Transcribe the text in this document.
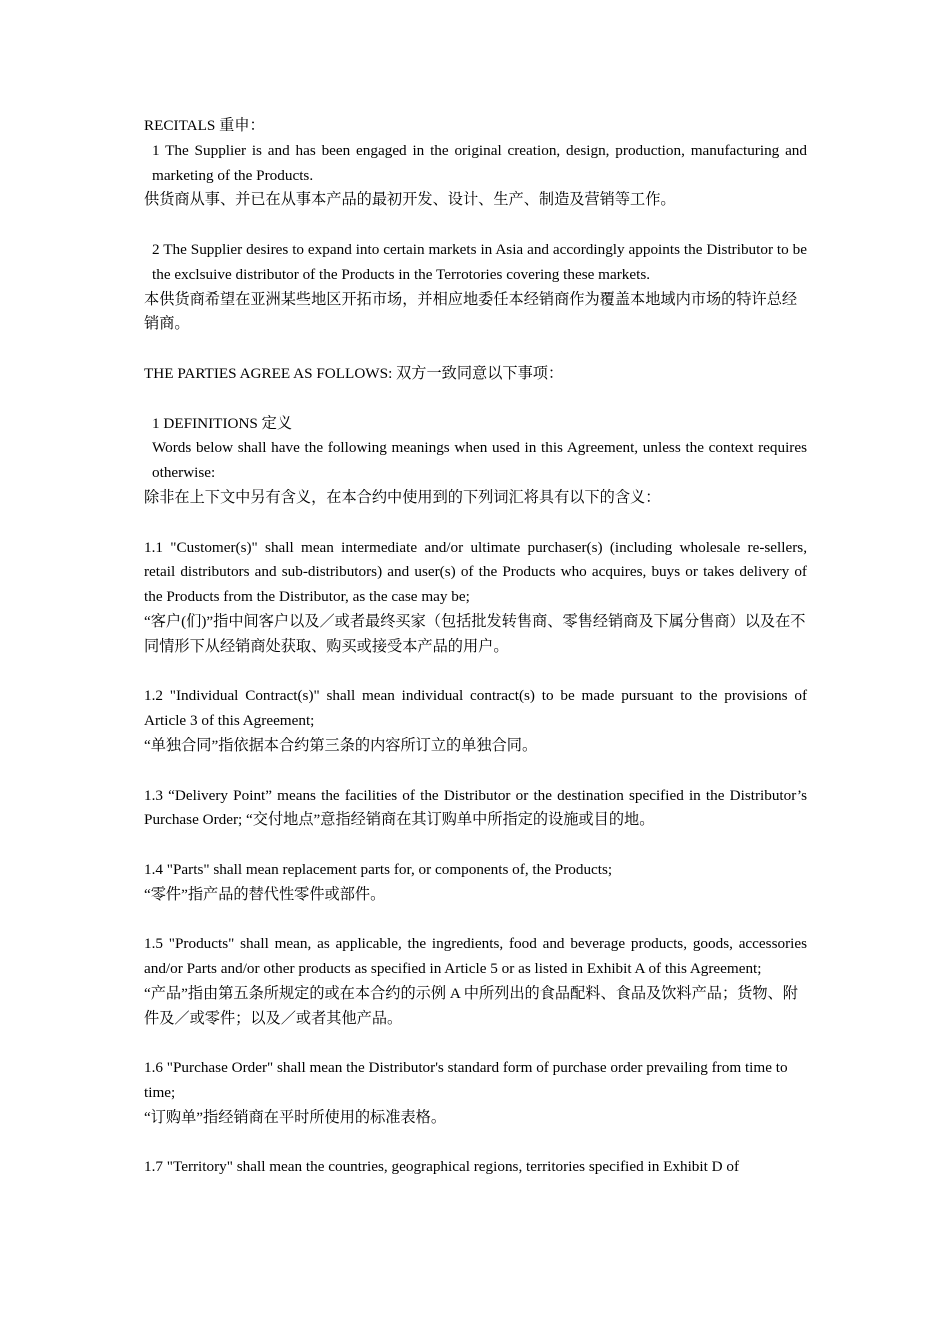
RECITALS 重申：

1 The Supplier is and has been engaged in the original creation, design, production, manufacturing and marketing of the Products.

供货商从事、并已在从事本产品的最初开发、设计、生产、制造及营销等工作。

2 The Supplier desires to expand into certain markets in Asia and accordingly appoints the Distributor to be the exclsuive distributor of the Products in the Terrotories covering these markets.

本供货商希望在亚洲某些地区开拓市场，并相应地委任本经销商作为覆盖本地域内市场的特许总经销商。

THE PARTIES AGREE AS FOLLOWS: 双方一致同意以下事项：

1 DEFINITIONS 定义

Words below shall have the following meanings when used in this Agreement, unless the context requires otherwise:

除非在上下文中另有含义，在本合约中使用到的下列词汇将具有以下的含义：

1.1 "Customer(s)" shall mean intermediate and/or ultimate purchaser(s) (including wholesale re-sellers, retail distributors and sub-distributors) and user(s) of the Products who acquires, buys or takes delivery of the Products from the Distributor, as the case may be;

“客户(们)”指中间客户以及／或者最终买家（包括批发转售商、零售经销商及下属分售商）以及在不同情形下从经销商处获取、购买或接受本产品的用户。

1.2 "Individual Contract(s)" shall mean individual contract(s) to be made pursuant to the provisions of Article 3 of this Agreement;

“单独合同”指依据本合约第三条的内容所订立的单独合同。

1.3 “Delivery Point” means the facilities of the Distributor or the destination specified in the Distributor’s Purchase Order; “交付地点”意指经销商在其订购单中所指定的设施或目的地。

1.4 "Parts" shall mean replacement parts for, or components of, the Products;

“零件”指产品的替代性零件或部件。

1.5 "Products" shall mean, as applicable, the ingredients, food and beverage products, goods, accessories and/or Parts and/or other products as specified in Article 5 or as listed in Exhibit A of this Agreement;

“产品”指由第五条所规定的或在本合约的示例 A 中所列出的食品配料、食品及饮料产品；货物、附件及／或零件；以及／或者其他产品。

1.6 "Purchase Order" shall mean the Distributor's standard form of purchase order prevailing from time to time;

“订购单”指经销商在平时所使用的标准表格。

1.7 "Territory" shall mean the countries, geographical regions, territories specified in Exhibit D of
